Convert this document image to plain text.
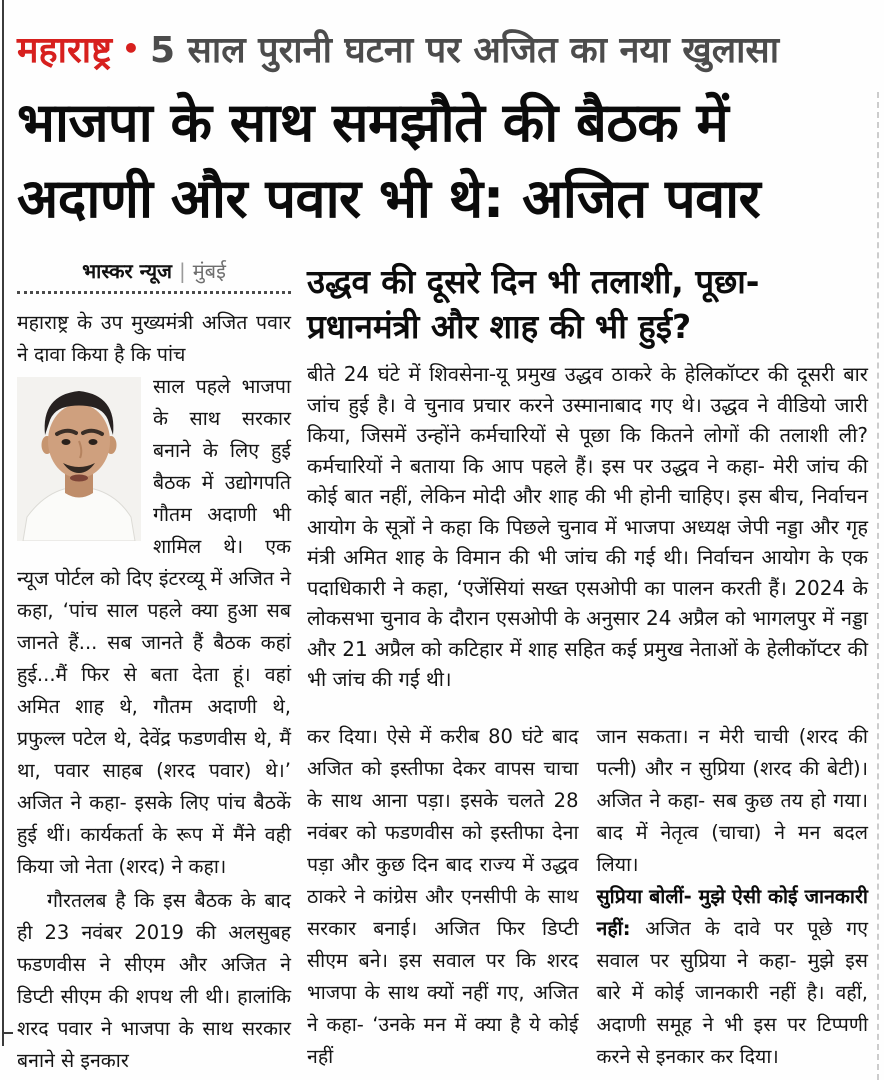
महाराष्ट्र • 5 साल पुरानी घटना पर अजित का नया खुलासा
भाजपा के साथ समझौते की बैठक में
अदाणी और पवार भी थे: अजित पवार
भास्कर न्यूज | मुंबई

महाराष्ट्र के उप मुख्यमंत्री अजित पवार ने दावा किया है कि पांच

साल पहले भाजपा के साथ सरकार बनाने के लिए हुई बैठक में उद्योगपति गौतम अदाणी भी शामिल थे। एक न्यूज पोर्टल को दिए इंटरव्यू में अजित ने कहा, ‘पांच साल पहले क्या हुआ सब जानते हैं... सब जानते हैं बैठक कहां हुई...मैं फिर से बता देता हूं। वहां अमित शाह थे, गौतम अदाणी थे, प्रफुल्ल पटेल थे, देवेंद्र फडणवीस थे, मैं था, पवार साहब (शरद पवार) थे।’ अजित ने कहा- इसके लिए पांच बैठकें हुई थीं। कार्यकर्ता के रूप में मैंने वही किया जो नेता (शरद) ने कहा।

गौरतलब है कि इस बैठक के बाद ही 23 नवंबर 2019 की अलसुबह फडणवीस ने सीएम और अजित ने डिप्टी सीएम की शपथ ली थी। हालांकि शरद पवार ने भाजपा के साथ सरकार बनाने से इनकार

उद्धव की दूसरे दिन भी तलाशी, पूछा-
प्रधानमंत्री और शाह की भी हुई?

बीते 24 घंटे में शिवसेना-यू प्रमुख उद्धव ठाकरे के हेलिकॉप्टर की दूसरी बार जांच हुई है। वे चुनाव प्रचार करने उस्मानाबाद गए थे। उद्धव ने वीडियो जारी किया, जिसमें उन्होंने कर्मचारियों से पूछा कि कितने लोगों की तलाशी ली? कर्मचारियों ने बताया कि आप पहले हैं। इस पर उद्धव ने कहा- मेरी जांच की कोई बात नहीं, लेकिन मोदी और शाह की भी होनी चाहिए। इस बीच, निर्वाचन आयोग के सूत्रों ने कहा कि पिछले चुनाव में भाजपा अध्यक्ष जेपी नड्डा और गृह मंत्री अमित शाह के विमान की भी जांच की गई थी। निर्वाचन आयोग के एक पदाधिकारी ने कहा, ‘एजेंसियां सख्त एसओपी का पालन करती हैं। 2024 के लोकसभा चुनाव के दौरान एसओपी के अनुसार 24 अप्रैल को भागलपुर में नड्डा और 21 अप्रैल को कटिहार में शाह सहित कई प्रमुख नेताओं के हेलीकॉप्टर की भी जांच की गई थी।

कर दिया। ऐसे में करीब 80 घंटे बाद अजित को इस्तीफा देकर वापस चाचा के साथ आना पड़ा। इसके चलते 28 नवंबर को फडणवीस को इस्तीफा देना पड़ा और कुछ दिन बाद राज्य में उद्धव ठाकरे ने कांग्रेस और एनसीपी के साथ सरकार बनाई। अजित फिर डिप्टी सीएम बने। इस सवाल पर कि शरद भाजपा के साथ क्यों नहीं गए, अजित ने कहा- ‘उनके मन में क्या है ये कोई नहीं

जान सकता। न मेरी चाची (शरद की पत्नी) और न सुप्रिया (शरद की बेटी)। अजित ने कहा- सब कुछ तय हो गया। बाद में नेतृत्व (चाचा) ने मन बदल लिया।

सुप्रिया बोलीं- मुझे ऐसी कोई जानकारी नहीं: अजित के दावे पर पूछे गए सवाल पर सुप्रिया ने कहा- मुझे इस बारे में कोई जानकारी नहीं है। वहीं, अदाणी समूह ने भी इस पर टिप्पणी करने से इनकार कर दिया।
